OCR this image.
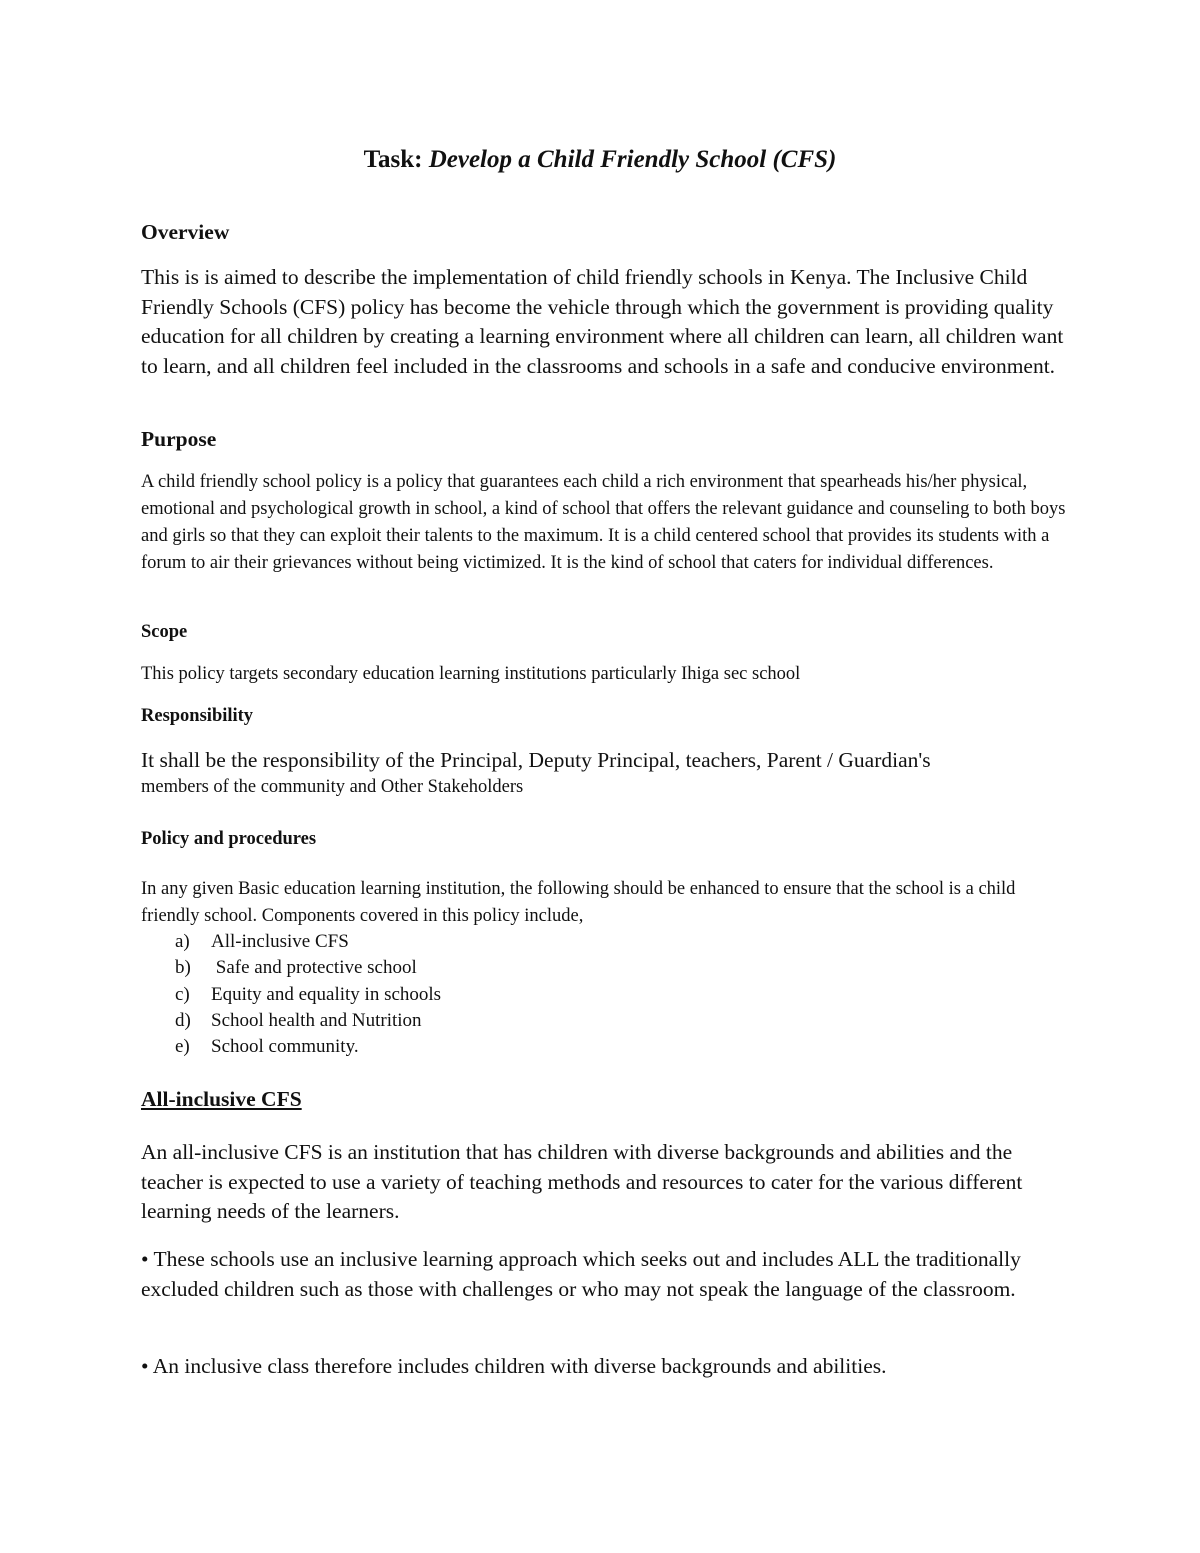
Task: Develop a Child Friendly School (CFS)
Overview

This is is aimed to describe the implementation of child friendly schools in Kenya. The Inclusive Child Friendly Schools (CFS) policy has become the vehicle through which the government is providing quality education for all children by creating a learning environment where all children can learn, all children want to learn, and all children feel included in the classrooms and schools in a safe and conducive environment.

Purpose

A child friendly school policy is a policy that guarantees each child a rich environment that spearheads his/her physical, emotional and psychological growth in school, a kind of school that offers the relevant guidance and counseling to both boys and girls so that they can exploit their talents to the maximum. It is a child centered school that provides its students with a forum to air their grievances without being victimized. It is the kind of school that caters for individual differences.

Scope

This policy targets secondary education learning institutions particularly Ihiga sec school

Responsibility
It shall be the responsibility of the Principal, Deputy Principal, teachers, Parent / Guardian's
members of the community and Other Stakeholders
Policy and procedures

In any given Basic education learning institution, the following should be enhanced to ensure that the school is a child friendly school. Components covered in this policy include,

a) All-inclusive CFS
b) Safe and protective school
c) Equity and equality in schools
d) School health and Nutrition
e) School community.
All-inclusive CFS

An all-inclusive CFS is an institution that has children with diverse backgrounds and abilities and the teacher is expected to use a variety of teaching methods and resources to cater for the various different learning needs of the learners.

• These schools use an inclusive learning approach which seeks out and includes ALL the traditionally excluded children such as those with challenges or who may not speak the language of the classroom.

• An inclusive class therefore includes children with diverse backgrounds and abilities.
